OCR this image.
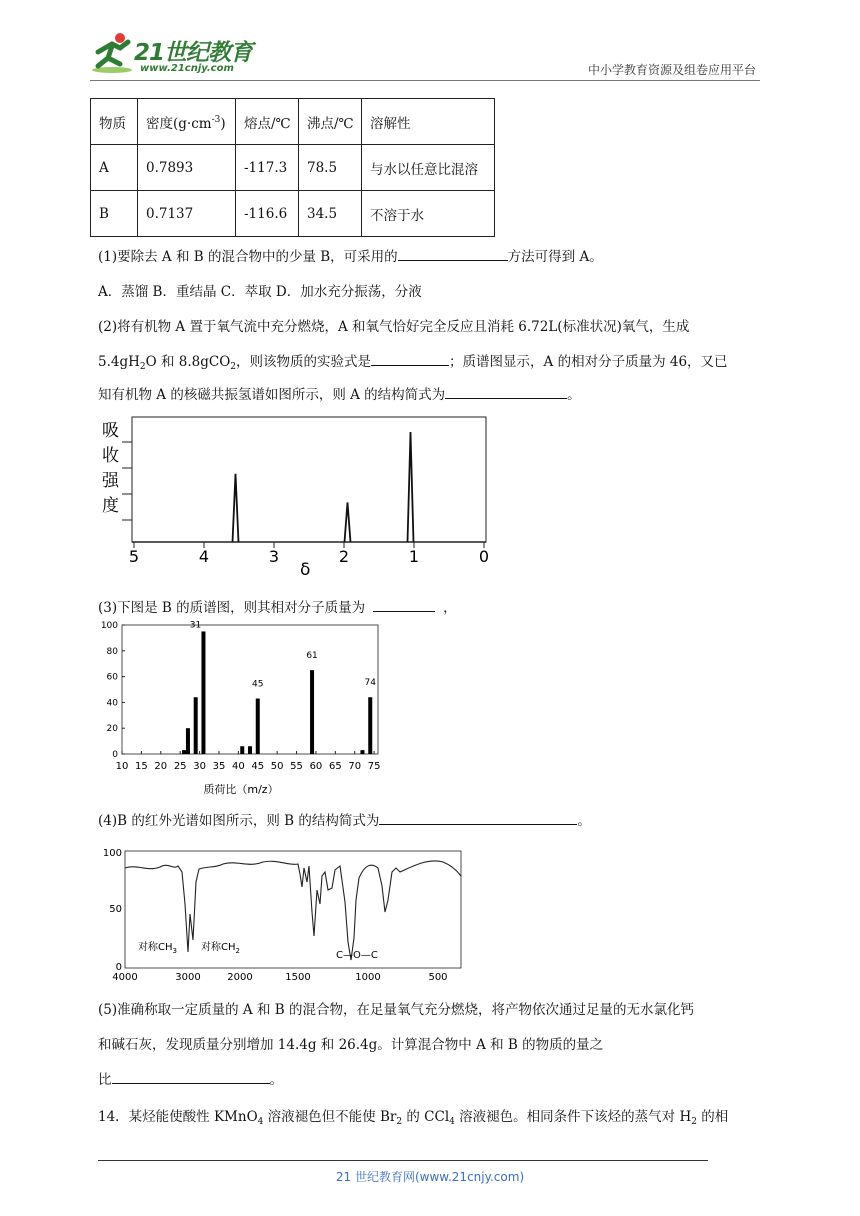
21世纪教育
www.21cnjy.com	中小学教育资源及组卷应用平台
物质	密度$(g\cdot cm^{-3})$	熔点/℃	沸点/℃	溶解性
A	0.7893	-117.3	78.5	与水以任意比混溶
B	0.7137	-116.6	34.5	不溶于水
(1)要除去 A 和 B 的混合物中的少量 B，可采用的	方法可得到 A。
A．蒸馏 B．重结晶 C．萃取 D．加水充分振荡，分液
(2)将有机物 A 置于氧气流中充分燃烧，A 和氧气恰好完全反应且消耗 6.72L(标准状况)氧气，生成
$5.4gH_2O$ 和 8.8gCO$_2$，则该物质的实验式是	；质谱图显示，A 的相对分子质量为 46，又已
知有机物 A 的核磁共振氢谱如图所示，则 A 的结构简式为	。
吸
收
强
度
5	4	3	2	1	0
δ
(3)下图是 B 的质谱图，则其相对分子质量为	，
0
20
40
60
80
100
10 15 20 25 30 35 40 45 50 55 60 65 70 75
31
45
61
74
质荷比（m/z）
(4)B 的红外光谱如图所示，则 B 的结构简式为	。
100
50
0
4000	3000	2000	1500	1000	500
对称$CH_3$ 对称$CH_2$	C—O—C
(5)准确称取一定质量的 A 和 B 的混合物，在足量氧气充分燃烧，将产物依次通过足量的无水氯化钙
和碱石灰，发现质量分别增加 14.4g 和 26.4g。计算混合物中 A 和 B 的物质的量之
比	。
14．某烃能使酸性 KMnO$_4$ 溶液褪色但不能使 $Br_2$ 的 CCl$_4$ 溶液褪色。相同条件下该烃的蒸气对 $H_2$ 的相
21 世纪教育网(www.21cnjy.com)
